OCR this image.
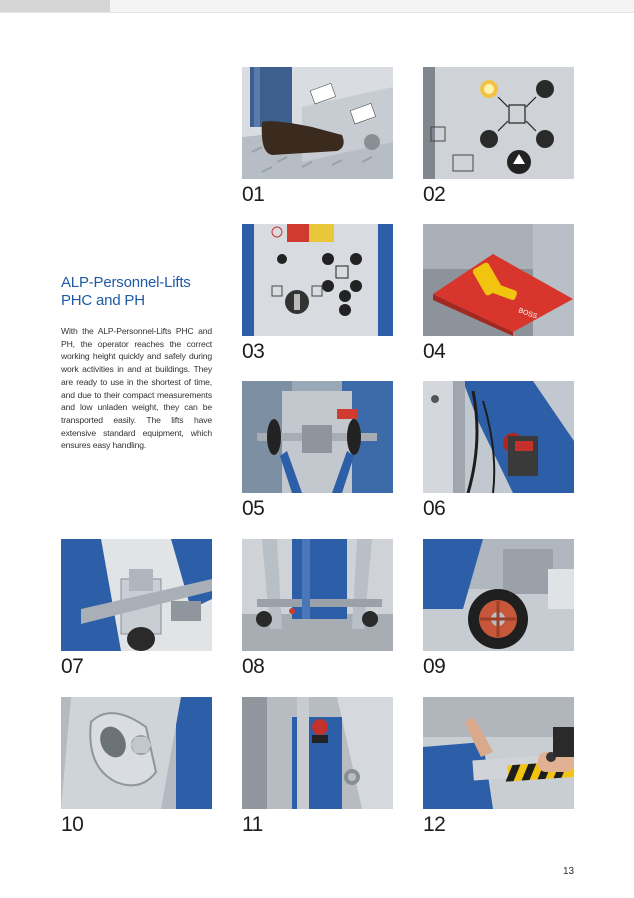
ALP-Personnel-Lifts
PHC and PH

With the ALP-Personnel-Lifts PHC and PH, the operator reaches the correct working height quickly and safely during work activities in and at buildings. They are ready to use in the shortest of time, and due to their compact measurements and low unladen weight, they can be transported easily. The lifts have extensive standard equipment, which ensures easy handling.

01	02
03
BOSS
04
05	06
07	08	09
10	11	12
13
